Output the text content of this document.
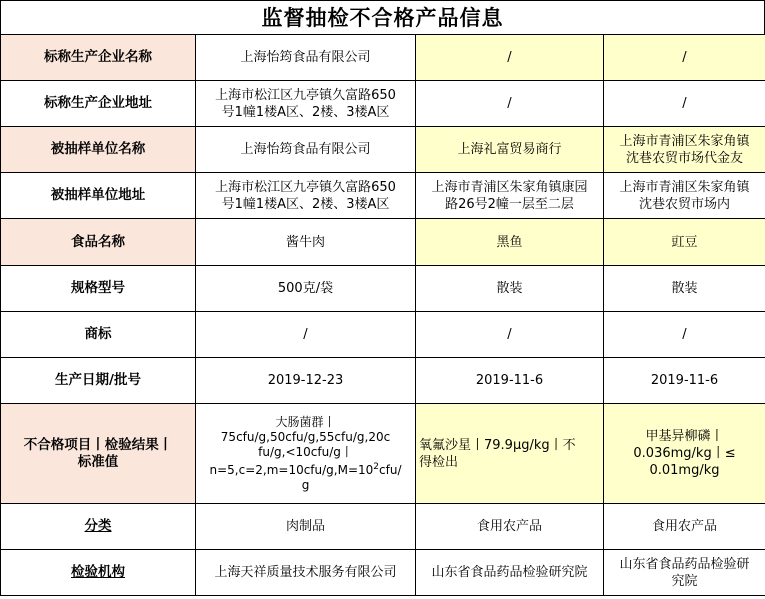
监督抽检不合格产品信息
标称生产企业名称	上海怡筠食品有限公司	/	/
标称生产企业地址	上海市松江区九亭镇久富路650
号1幢1楼A区、2楼、3楼A区	/	/
被抽样单位名称	上海怡筠食品有限公司	上海礼富贸易商行	上海市青浦区朱家角镇
沈巷农贸市场代金友
被抽样单位地址	上海市松江区九亭镇久富路650
号1幢1楼A区、2楼、3楼A区	上海市青浦区朱家角镇康园
路26号2幢一层至二层	上海市青浦区朱家角镇
沈巷农贸市场内
食品名称	酱牛肉	黑鱼	豇豆
规格型号	500克/袋	散装	散装
商标	/	/	/
生产日期/批号	2019-12-23	2019-11-6	2019-11-6
不合格项目丨检验结果丨
标准值	大肠菌群丨
75cfu/g,50cfu/g,55cfu/g,20c
fu/g,<10cfu/g丨
$n=5,c=2,m=10cfu/g,M=10^2cfu/$
g	氧氟沙星丨79.9μg/kg丨不
得检出	甲基异柳磷丨
0.036mg/kg丨≤
0.01mg/kg
分类	肉制品	食用农产品	食用农产品
检验机构	上海天祥质量技术服务有限公司	山东省食品药品检验研究院	山东省食品药品检验研
究院
